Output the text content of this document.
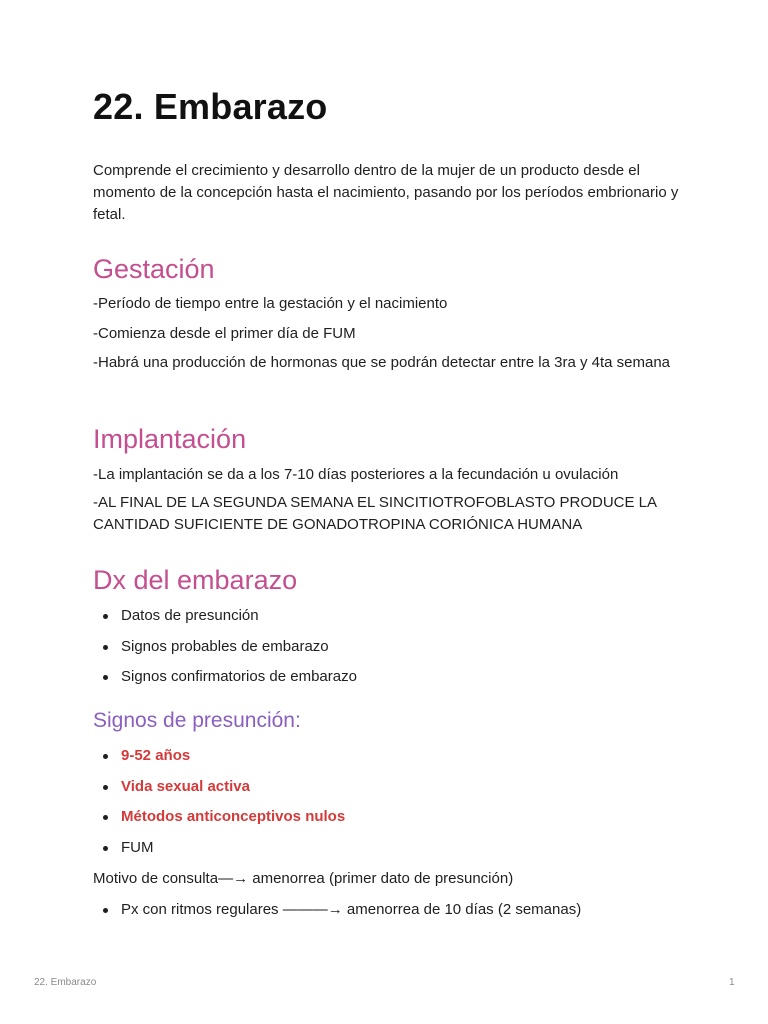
22. Embarazo

Comprende el crecimiento y desarrollo dentro de la mujer de un producto desde el momento de la concepción hasta el nacimiento, pasando por los períodos embrionario y fetal.

Gestación

-Período de tiempo entre la gestación y el nacimiento

-Comienza desde el primer día de FUM

-Habrá una producción de hormonas que se podrán detectar entre la 3ra y 4ta semana

Implantación

-La implantación se da a los 7-10 días posteriores a la fecundación u ovulación

-AL FINAL DE LA SEGUNDA SEMANA EL SINCITIOTROFOBLASTO PRODUCE LA CANTIDAD SUFICIENTE DE GONADOTROPINA CORIÓNICA HUMANA

Dx del embarazo
Datos de presunción
Signos probables de embarazo
Signos confirmatorios de embarazo
Signos de presunción:
9-52 años
Vida sexual activa
Métodos anticonceptivos nulos
FUM

Motivo de consulta—→ amenorrea (primer dato de presunción)

Px con ritmos regulares ———→ amenorrea de 10 días (2 semanas)
22. Embarazo	1
